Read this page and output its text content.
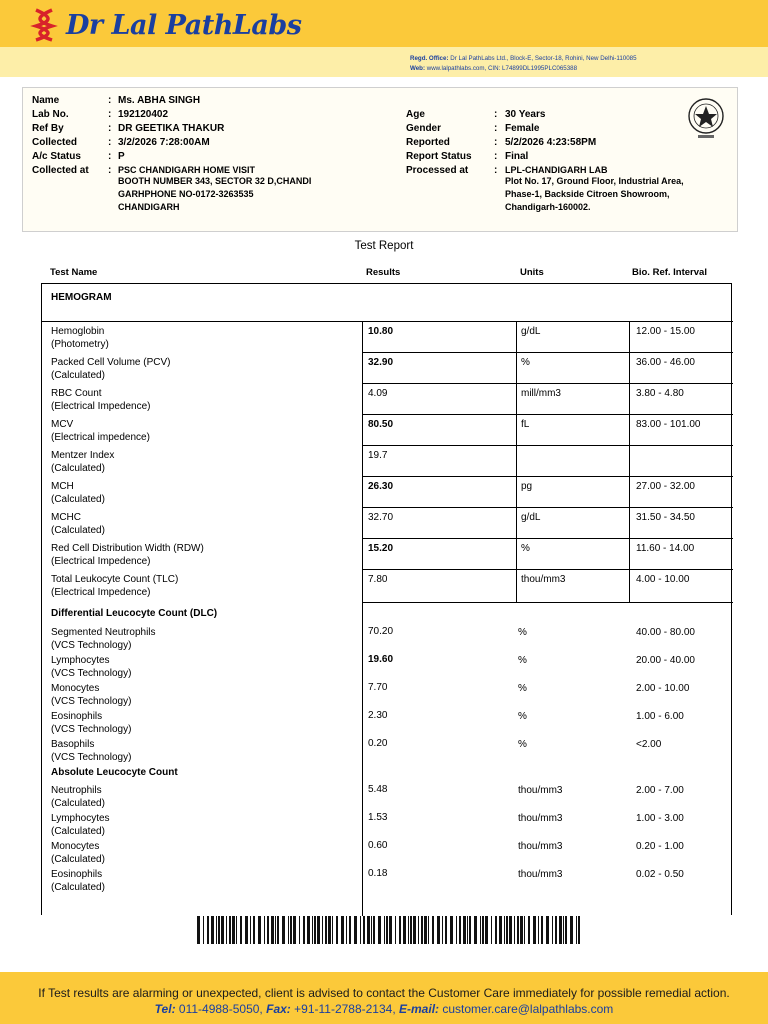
Dr Lal PathLabs
Regd. Office: Dr Lal PathLabs Ltd., Block-E, Sector-18, Rohini, New Delhi-110085
Web: www.lalpathlabs.com, CIN: L74899DL1995PLC065388
Name	: Ms. ABHA SINGH
Lab No.	: 192120402
Ref By	: DR GEETIKA THAKUR
Collected	: 3/2/2026 7:28:00AM
A/c Status	: P
Collected at : PSC CHANDIGARH HOME VISIT
BOOTH NUMBER 343, SECTOR 32 D,CHANDI
GARHPHONE NO-0172-3263535
CHANDIGARH
Age	: 30 Years
Gender	: Female
Reported	: 5/2/2026 4:23:58PM
Report Status : Final
Processed at	: LPL-CHANDIGARH LAB
Plot No. 17, Ground Floor, Industrial Area,
Phase-1, Backside Citroen Showroom,
Chandigarh-160002.
Test Report
Test Name	Results	Units	Bio. Ref. Interval
HEMOGRAM
Hemoglobin
(Photometry)
10.80	g/dL	12.00 - 15.00
Packed Cell Volume (PCV)
(Calculated)
32.90	%	36.00 - 46.00
RBC Count
(Electrical Impedence)
4.09	mill/mm3	3.80 - 4.80
MCV
(Electrical impedence)
80.50	fL	83.00 - 101.00
Mentzer Index
(Calculated)
19.7
MCH
(Calculated)
26.30	pg	27.00 - 32.00
MCHC
(Calculated)
32.70	g/dL	31.50 - 34.50
Red Cell Distribution Width (RDW)
(Electrical Impedence)
15.20	%	11.60 - 14.00
Total Leukocyte Count (TLC)
(Electrical Impedence)
7.80	thou/mm3	4.00 - 10.00
Differential Leucocyte Count (DLC)
Segmented Neutrophils
(VCS Technology)
70.20	%	40.00 - 80.00
Lymphocytes
(VCS Technology)
19.60	%	20.00 - 40.00
Monocytes
(VCS Technology)
7.70	%	2.00 - 10.00
Eosinophils
(VCS Technology)
2.30	%	1.00 - 6.00
Basophils
(VCS Technology)
0.20	%	<2.00
Absolute Leucocyte Count
Neutrophils
(Calculated)
5.48	thou/mm3	2.00 - 7.00
Lymphocytes
(Calculated)
1.53	thou/mm3	1.00 - 3.00
Monocytes
(Calculated)
0.60	thou/mm3	0.20 - 1.00
Eosinophils
(Calculated)
0.18	thou/mm3	0.02 - 0.50
If Test results are alarming or unexpected, client is advised to contact the Customer Care immediately for possible remedial action.
Tel: 011-4988-5050, Fax: +91-11-2788-2134, E-mail: customer.care@lalpathlabs.com
